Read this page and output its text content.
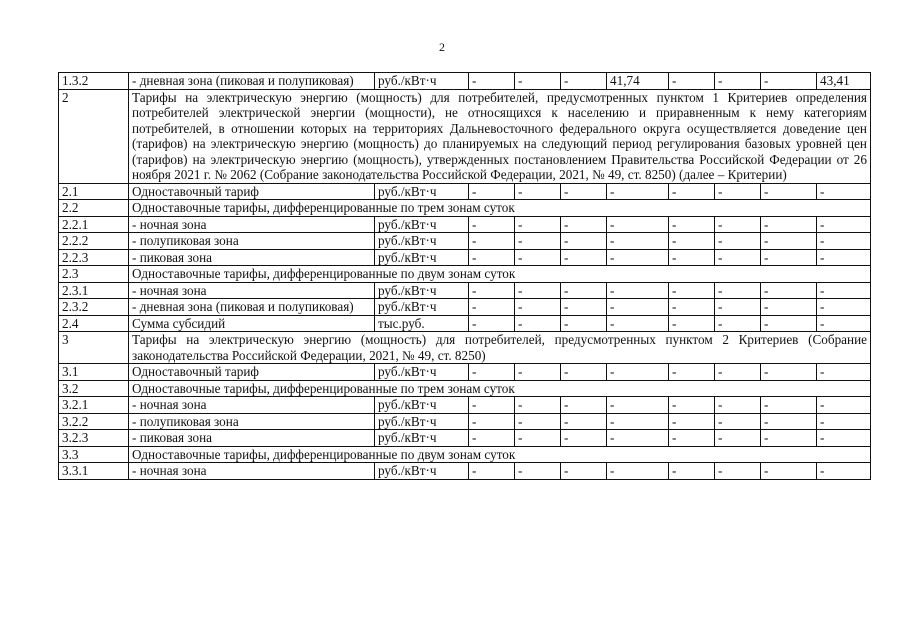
2
1.3.2	- дневная зона (пиковая и полупиковая)	руб./кВт·ч	-	-	-	41,74	-	-	-	43,41
2	Тарифы на электрическую энергию (мощность) для потребителей, предусмотренных пунктом 1 Критериев определения потребителей электрической энергии (мощности), не относящихся к населению и приравненным к нему категориям потребителей, в отношении которых на территориях Дальневосточного федерального округа осуществляется доведение цен (тарифов) на электрическую энергию (мощность) до планируемых на следующий период регулирования базовых уровней цен (тарифов) на электрическую энергию (мощность), утвержденных постановлением Правительства Российской Федерации от 26 ноября 2021 г. № 2062 (Собрание законодательства Российской Федерации, 2021, № 49, ст. 8250) (далее – Критерии)									
2.1	Одноставочный тариф	руб./кВт·ч	-	-	-	-	-	-	-	-
2.2	Одноставочные тарифы, дифференцированные по трем зонам суток									
2.2.1	- ночная зона	руб./кВт·ч	-	-	-	-	-	-	-	-
2.2.2	- полупиковая зона	руб./кВт·ч	-	-	-	-	-	-	-	-
2.2.3	- пиковая зона	руб./кВт·ч	-	-	-	-	-	-	-	-
2.3	Одноставочные тарифы, дифференцированные по двум зонам суток									
2.3.1	- ночная зона	руб./кВт·ч	-	-	-	-	-	-	-	-
2.3.2	- дневная зона (пиковая и полупиковая)	руб./кВт·ч	-	-	-	-	-	-	-	-
2.4	Сумма субсидий	тыс.руб.	-	-	-	-	-	-	-	-
3	Тарифы на электрическую энергию (мощность) для потребителей, предусмотренных пунктом 2 Критериев (Собрание законодательства Российской Федерации, 2021, № 49, ст. 8250)									
3.1	Одноставочный тариф	руб./кВт·ч	-	-	-	-	-	-	-	-
3.2	Одноставочные тарифы, дифференцированные по трем зонам суток									
3.2.1	- ночная зона	руб./кВт·ч	-	-	-	-	-	-	-	-
3.2.2	- полупиковая зона	руб./кВт·ч	-	-	-	-	-	-	-	-
3.2.3	- пиковая зона	руб./кВт·ч	-	-	-	-	-	-	-	-
3.3	Одноставочные тарифы, дифференцированные по двум зонам суток									
3.3.1	- ночная зона	руб./кВт·ч	-	-	-	-	-	-	-	-
